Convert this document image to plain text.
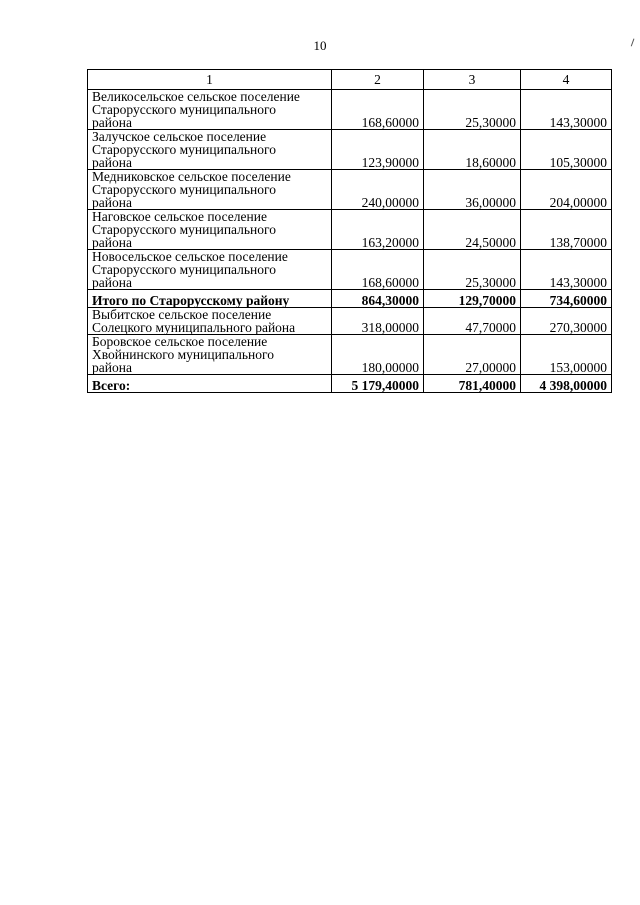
10
1	2	3	4

Великосельское сельское поселение
Старорусского муниципального
района	168,60000	25,30000	143,30000

Залучское сельское поселение
Старорусского муниципального
района	123,90000	18,60000	105,30000

Медниковское сельское поселение
Старорусского муниципального
района	240,00000	36,00000	204,00000

Наговское сельское поселение
Старорусского муниципального
района	163,20000	24,50000	138,70000

Новосельское сельское поселение
Старорусского муниципального
района	168,60000	25,30000	143,30000
Итого по Старорусскому району	864,30000	129,70000	734,60000

Выбитское сельское поселение
Солецкого муниципального района	318,00000	47,70000	270,30000

Боровское сельское поселение
Хвойнинского муниципального
района	180,00000	27,00000	153,00000
Всего:	5 179,40000	781,40000	4 398,00000
